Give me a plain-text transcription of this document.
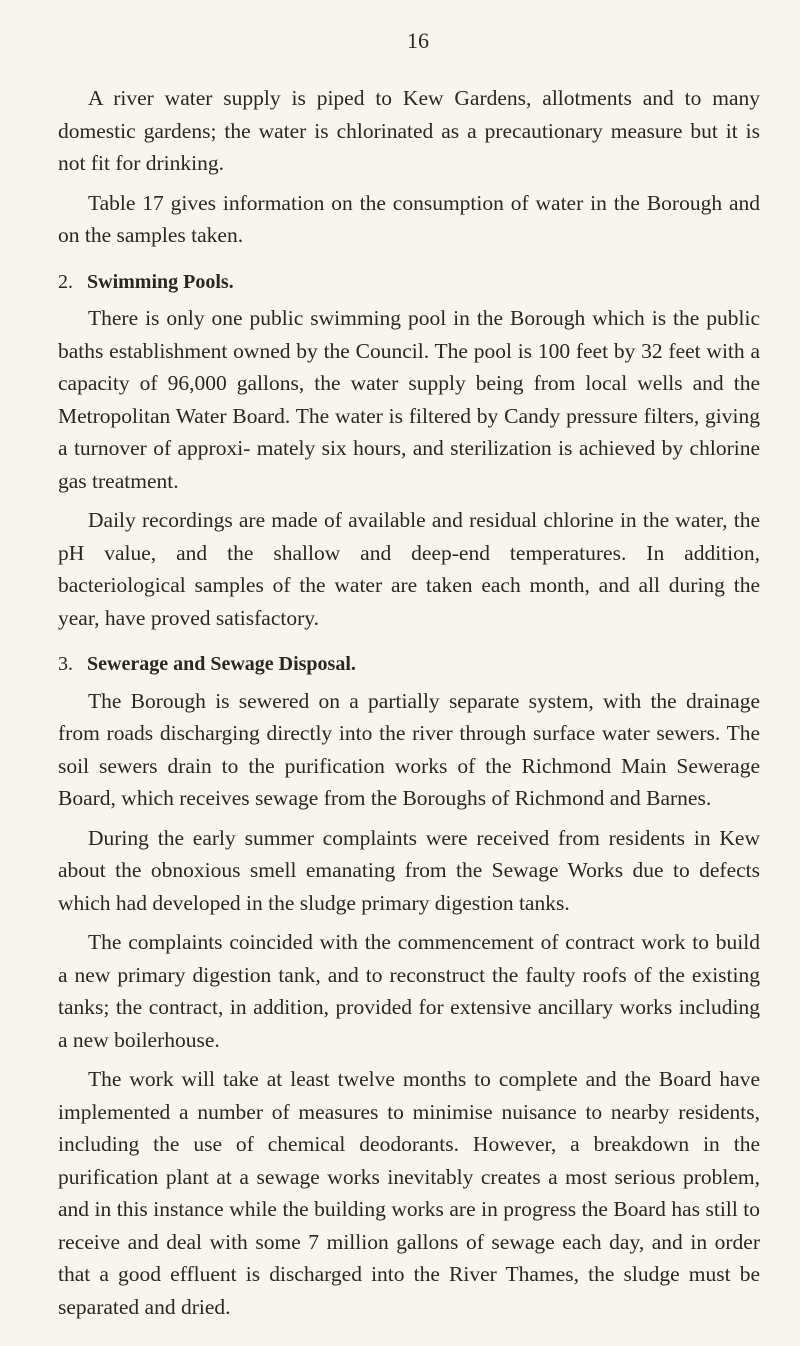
16

A river water supply is piped to Kew Gardens, allotments and to many domestic gardens; the water is chlorinated as a precautionary measure but it is not fit for drinking.

Table 17 gives information on the consumption of water in the Borough and on the samples taken.

2. Swimming Pools.

There is only one public swimming pool in the Borough which is the public baths establishment owned by the Council. The pool is 100 feet by 32 feet with a capacity of 96,000 gallons, the water supply being from local wells and the Metropolitan Water Board. The water is filtered by Candy pressure filters, giving a turnover of approxi- mately six hours, and sterilization is achieved by chlorine gas treatment.

Daily recordings are made of available and residual chlorine in the water, the pH value, and the shallow and deep-end temperatures. In addition, bacteriological samples of the water are taken each month, and all during the year, have proved satisfactory.

3. Sewerage and Sewage Disposal.

The Borough is sewered on a partially separate system, with the drainage from roads discharging directly into the river through surface water sewers. The soil sewers drain to the purification works of the Richmond Main Sewerage Board, which receives sewage from the Boroughs of Richmond and Barnes.

During the early summer complaints were received from residents in Kew about the obnoxious smell emanating from the Sewage Works due to defects which had developed in the sludge primary digestion tanks.

The complaints coincided with the commencement of contract work to build a new primary digestion tank, and to reconstruct the faulty roofs of the existing tanks; the contract, in addition, provided for extensive ancillary works including a new boilerhouse.

The work will take at least twelve months to complete and the Board have implemented a number of measures to minimise nuisance to nearby residents, including the use of chemical deodorants. However, a breakdown in the purification plant at a sewage works inevitably creates a most serious problem, and in this instance while the building works are in progress the Board has still to receive and deal with some 7 million gallons of sewage each day, and in order that a good effluent is discharged into the River Thames, the sludge must be separated and dried.
